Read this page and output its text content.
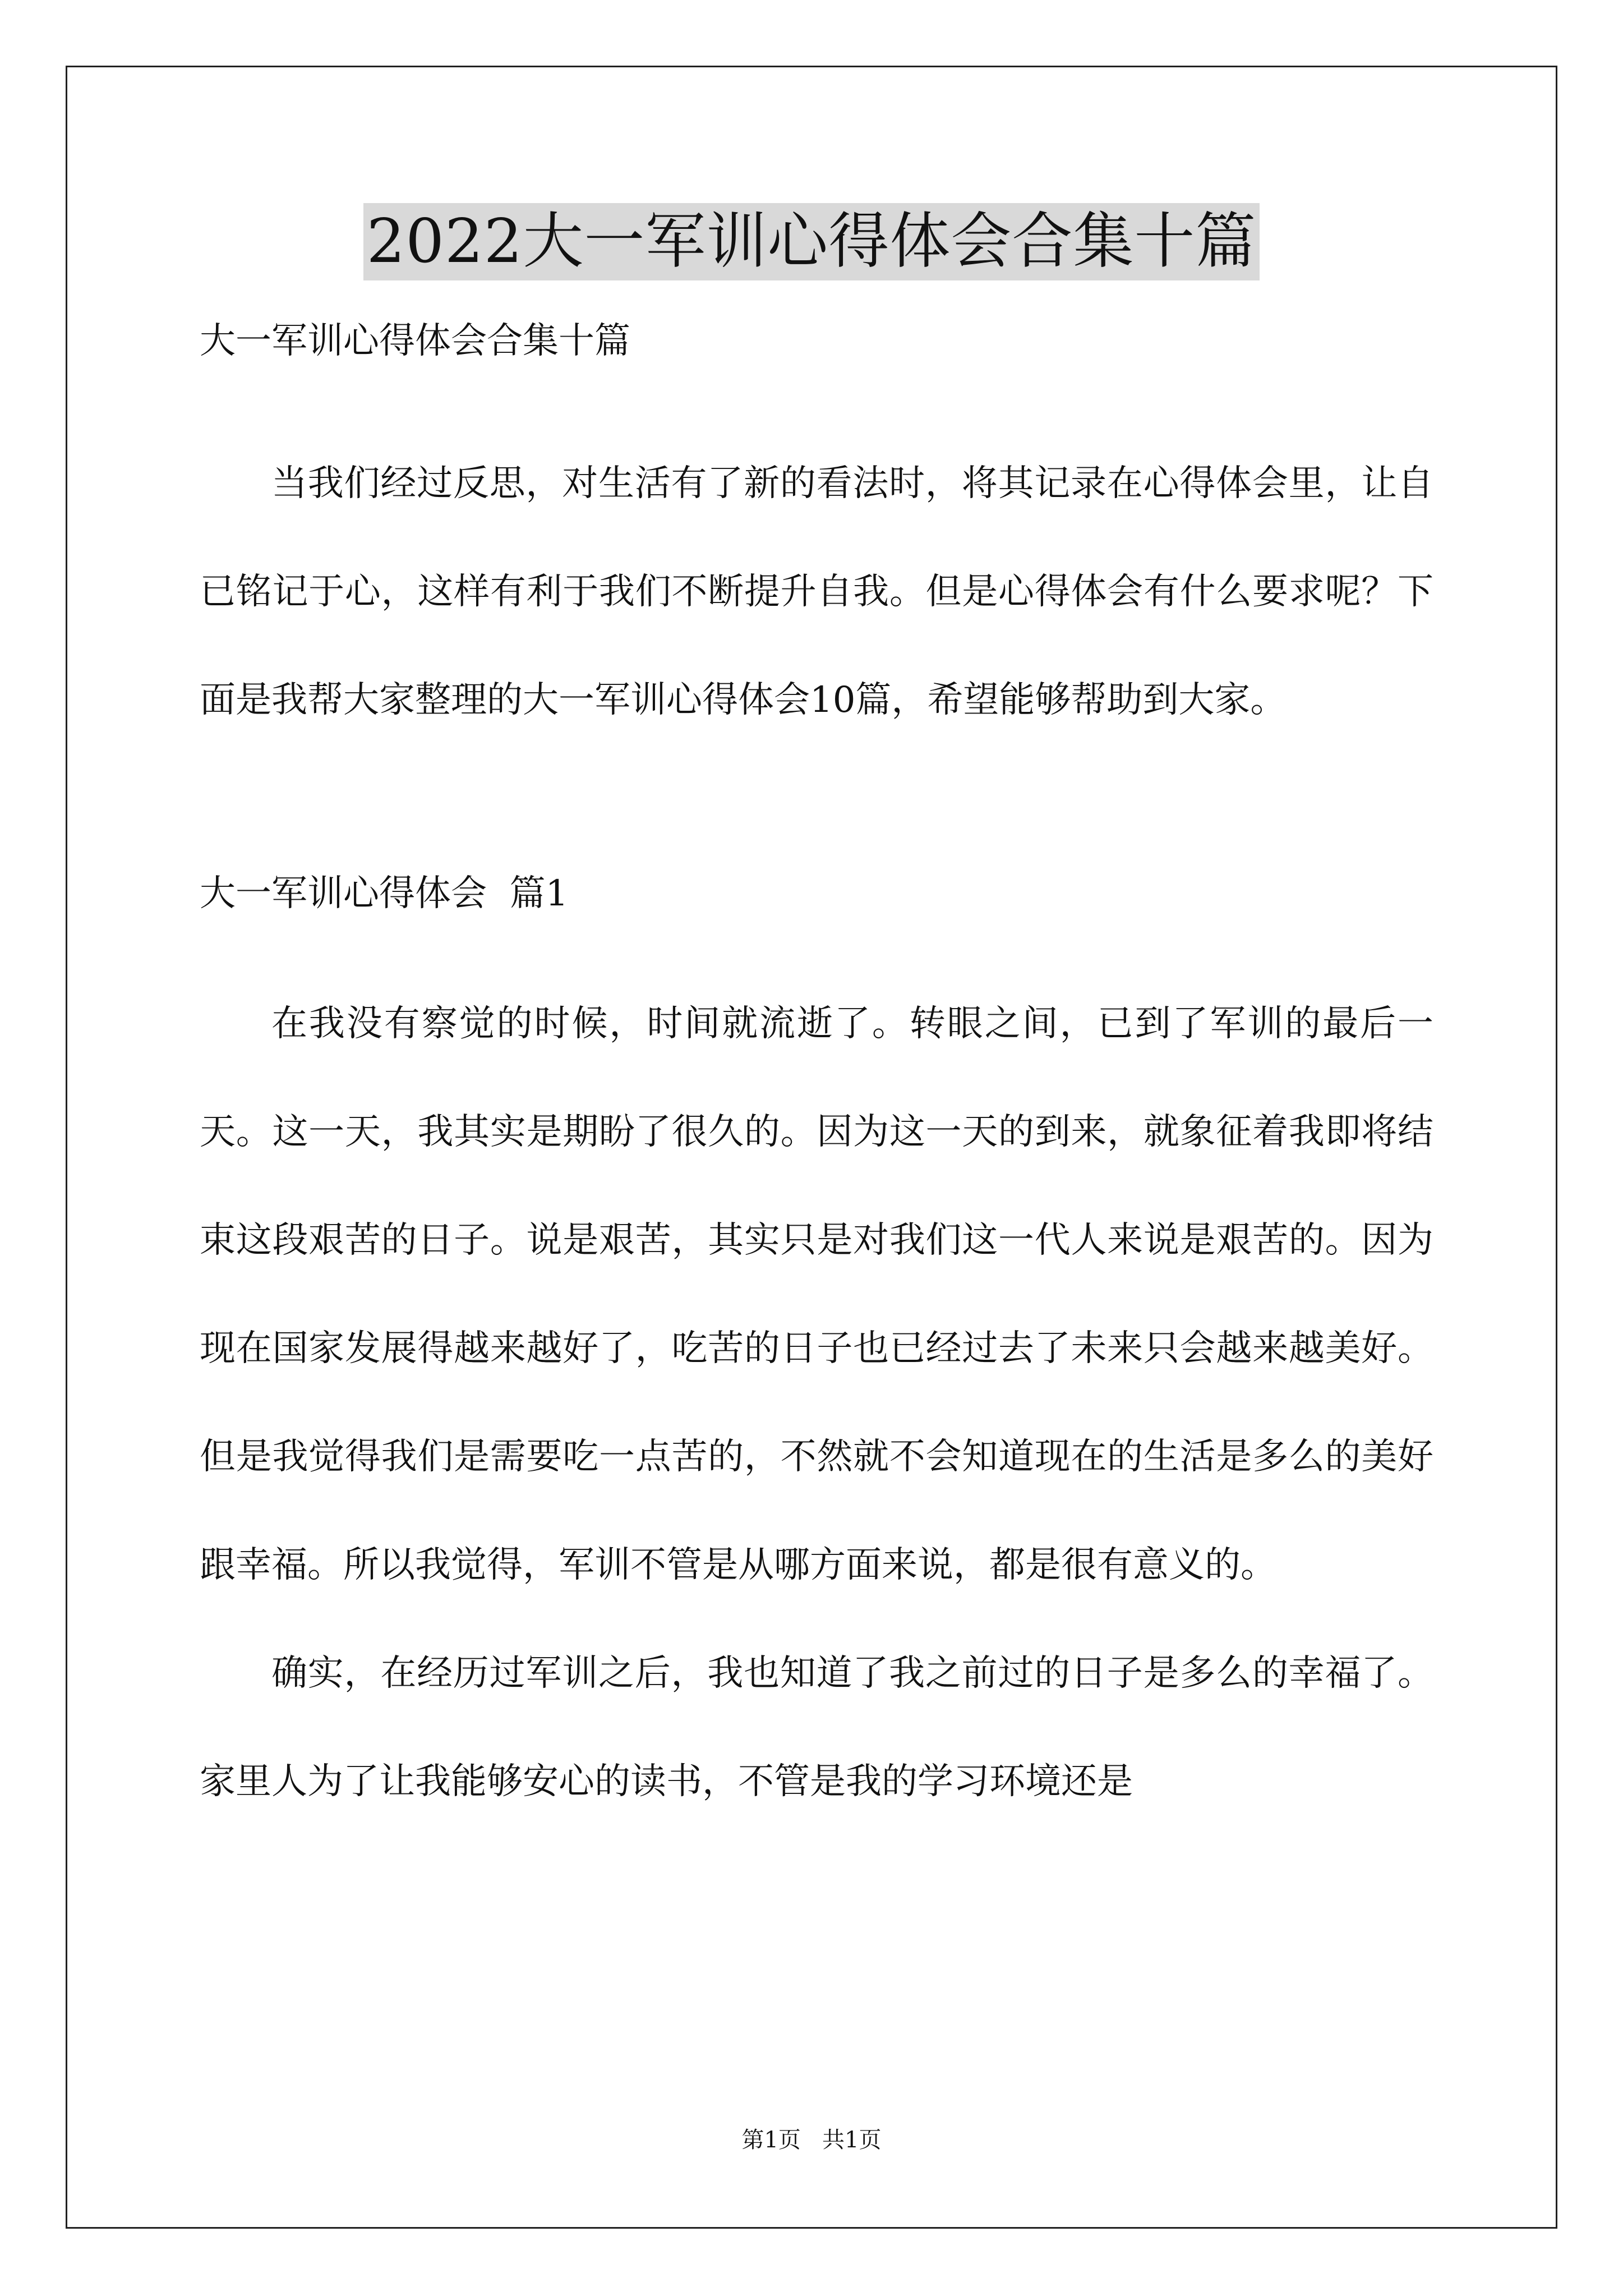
2022大一军训心得体会合集十篇
大一军训心得体会合集十篇
当我们经过反思，对生活有了新的看法时，将其记录在心得体会里，让自已铭记于心，这样有利于我们不断提升自我。但是心得体会有什么要求呢？下面是我帮大家整理的大一军训心得体会10篇，希望能够帮助到大家。
大一军训心得体会  篇1
在我没有察觉的时候，时间就流逝了。转眼之间，已到了军训的最后一天。这一天，我其实是期盼了很久的。因为这一天的到来，就象征着我即将结束这段艰苦的日子。说是艰苦，其实只是对我们这一代人来说是艰苦的。因为现在国家发展得越来越好了，吃苦的日子也已经过去了未来只会越来越美好。但是我觉得我们是需要吃一点苦的，不然就不会知道现在的生活是多么的美好跟幸福。所以我觉得，军训不管是从哪方面来说，都是很有意义的。
确实，在经历过军训之后，我也知道了我之前过的日子是多么的幸福了。家里人为了让我能够安心的读书，不管是我的学习环境还是
第1页   共1页
